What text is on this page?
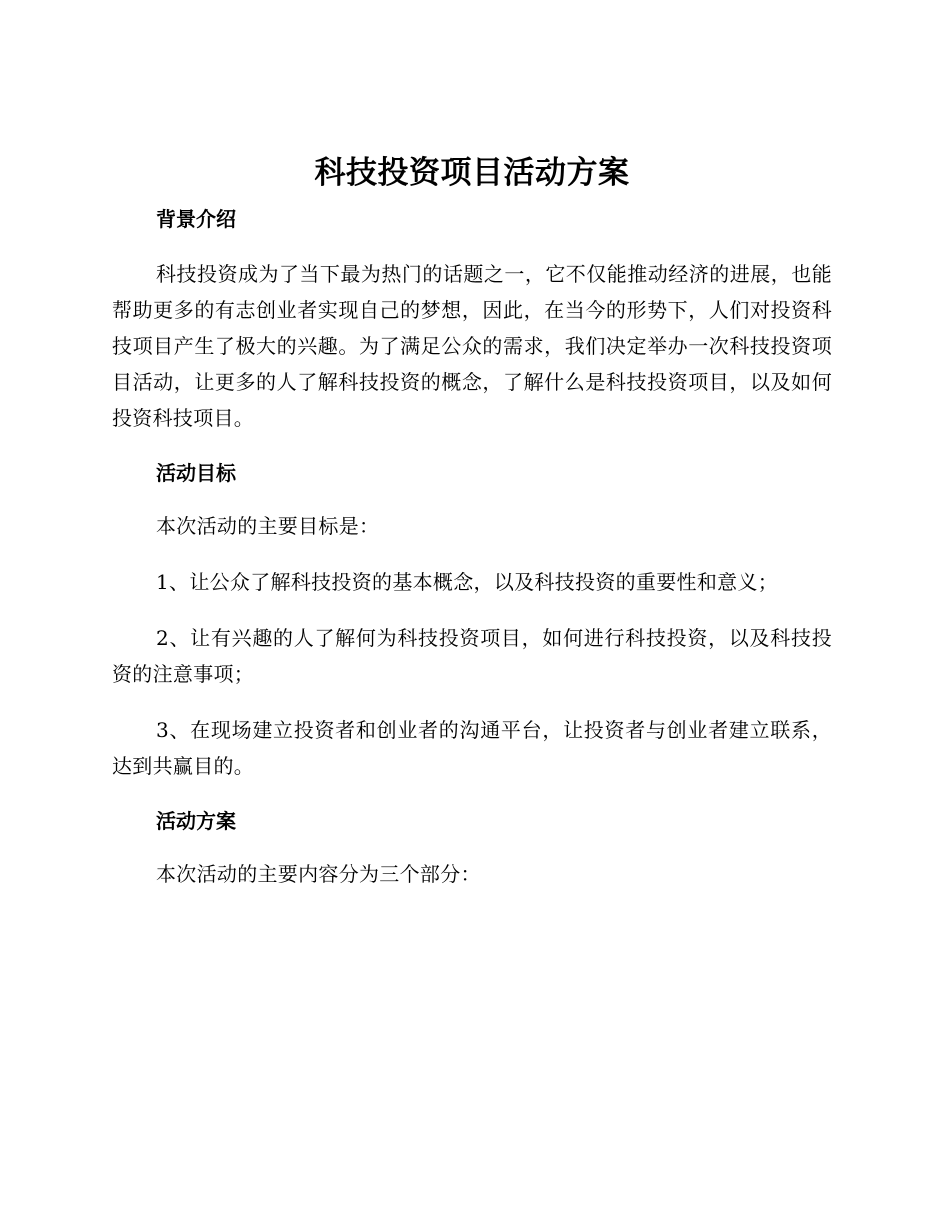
科技投资项目活动方案
背景介绍

科技投资成为了当下最为热门的话题之一，它不仅能推动经济的进展，也能帮助更多的有志创业者实现自己的梦想，因此，在当今的形势下，人们对投资科技项目产生了极大的兴趣。为了满足公众的需求，我们决定举办一次科技投资项目活动，让更多的人了解科技投资的概念，了解什么是科技投资项目，以及如何投资科技项目。

活动目标

本次活动的主要目标是：

1、让公众了解科技投资的基本概念，以及科技投资的重要性和意义；

2、让有兴趣的人了解何为科技投资项目，如何进行科技投资，以及科技投资的注意事项；

3、在现场建立投资者和创业者的沟通平台，让投资者与创业者建立联系，达到共赢目的。

活动方案

本次活动的主要内容分为三个部分：
